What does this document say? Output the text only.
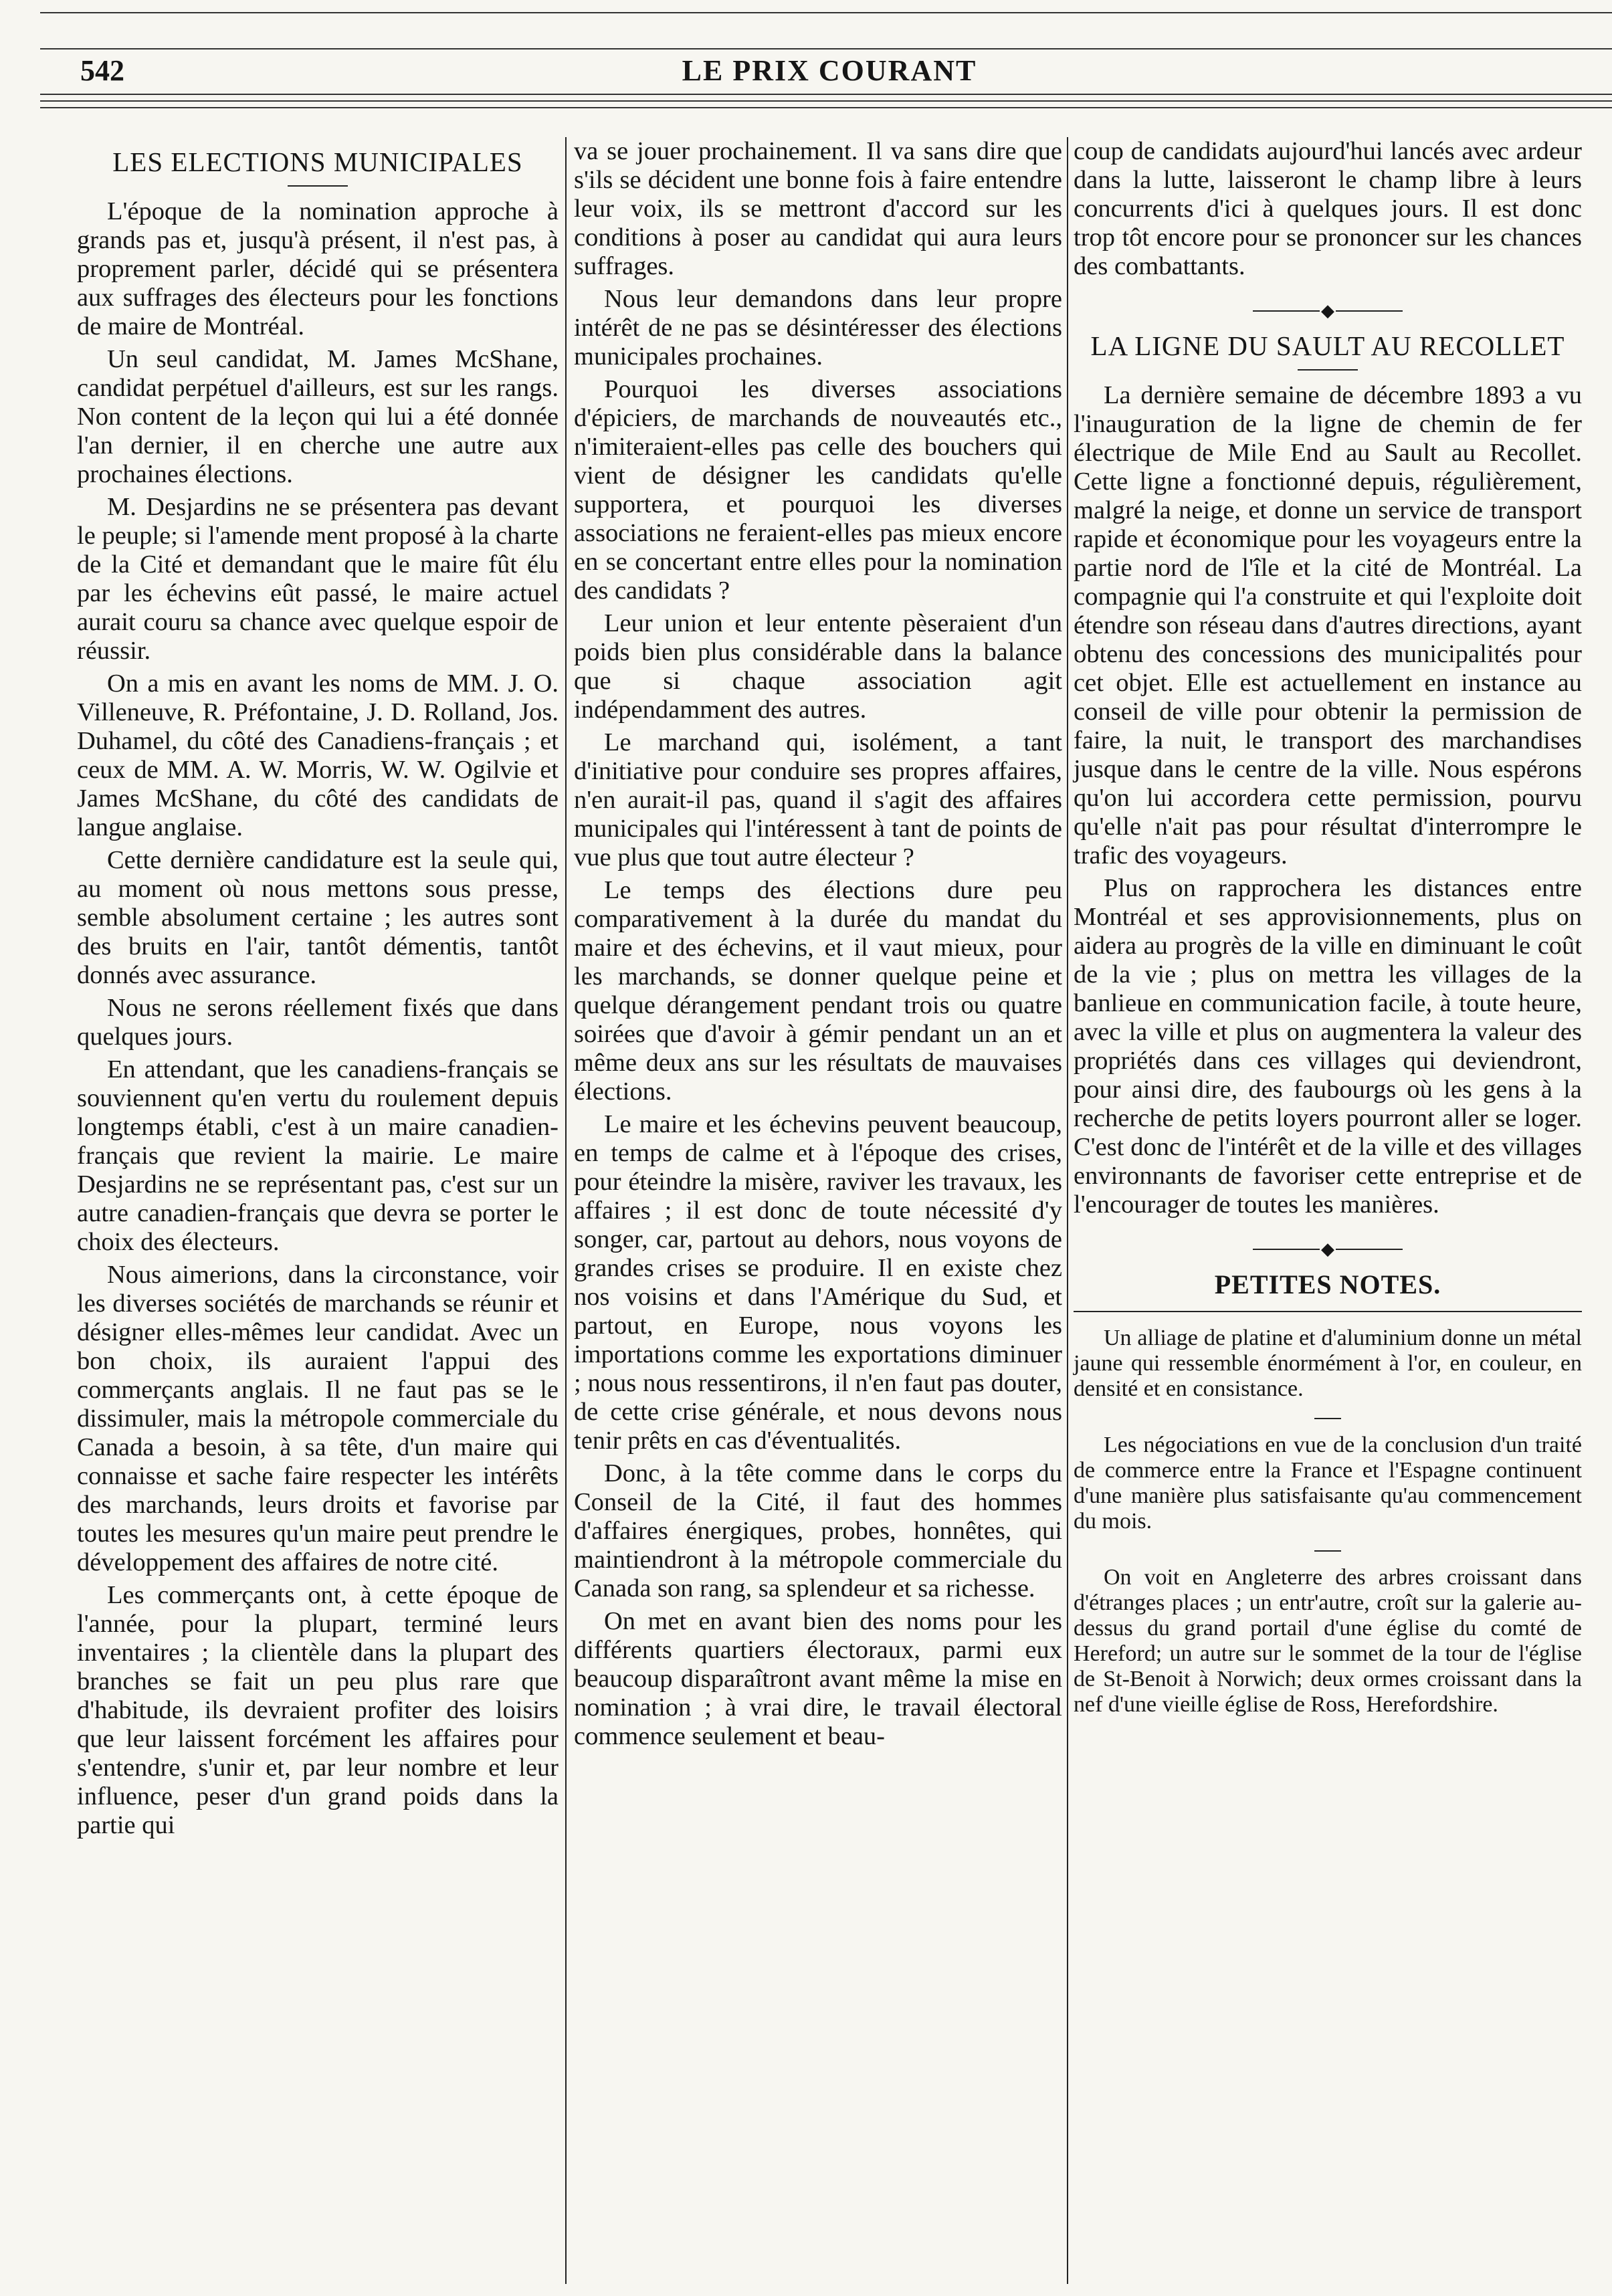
542	LE PRIX COURANT
LES ELECTIONS MUNICIPALES

L'époque de la nomination approche à grands pas et, jusqu'à présent, il n'est pas, à proprement parler, décidé qui se présentera aux suffrages des électeurs pour les fonctions de maire de Montréal.

Un seul candidat, M. James McShane, candidat perpétuel d'ailleurs, est sur les rangs. Non content de la leçon qui lui a été donnée l'an dernier, il en cherche une autre aux prochaines élections.

M. Desjardins ne se présentera pas devant le peuple; si l'amende ment proposé à la charte de la Cité et demandant que le maire fût élu par les échevins eût passé, le maire actuel aurait couru sa chance avec quelque espoir de réussir.

On a mis en avant les noms de MM. J. O. Villeneuve, R. Préfontaine, J. D. Rolland, Jos. Duhamel, du côté des Canadiens-français ; et ceux de MM. A. W. Morris, W. W. Ogilvie et James McShane, du côté des candidats de langue anglaise.

Cette dernière candidature est la seule qui, au moment où nous mettons sous presse, semble absolument certaine ; les autres sont des bruits en l'air, tantôt démentis, tantôt donnés avec assurance.

Nous ne serons réellement fixés que dans quelques jours.

En attendant, que les canadiens-français se souviennent qu'en vertu du roulement depuis longtemps établi, c'est à un maire canadien-français que revient la mairie. Le maire Desjardins ne se représentant pas, c'est sur un autre canadien-français que devra se porter le choix des électeurs.

Nous aimerions, dans la circonstance, voir les diverses sociétés de marchands se réunir et désigner elles-mêmes leur candidat. Avec un bon choix, ils auraient l'appui des commerçants anglais. Il ne faut pas se le dissimuler, mais la métropole commerciale du Canada a besoin, à sa tête, d'un maire qui connaisse et sache faire respecter les intérêts des marchands, leurs droits et favorise par toutes les mesures qu'un maire peut prendre le développement des affaires de notre cité.

Les commerçants ont, à cette époque de l'année, pour la plupart, terminé leurs inventaires ; la clientèle dans la plupart des branches se fait un peu plus rare que d'habitude, ils devraient profiter des loisirs que leur laissent forcément les affaires pour s'entendre, s'unir et, par leur nombre et leur influence, peser d'un grand poids dans la partie qui

va se jouer prochainement. Il va sans dire que s'ils se décident une bonne fois à faire entendre leur voix, ils se mettront d'accord sur les conditions à poser au candidat qui aura leurs suffrages.

Nous leur demandons dans leur propre intérêt de ne pas se désintéresser des élections municipales prochaines.

Pourquoi les diverses associations d'épiciers, de marchands de nouveautés etc., n'imiteraient-elles pas celle des bouchers qui vient de désigner les candidats qu'elle supportera, et pourquoi les diverses associations ne feraient-elles pas mieux encore en se concertant entre elles pour la nomination des candidats ?

Leur union et leur entente pèseraient d'un poids bien plus considérable dans la balance que si chaque association agit indépendamment des autres.

Le marchand qui, isolément, a tant d'initiative pour conduire ses propres affaires, n'en aurait-il pas, quand il s'agit des affaires municipales qui l'intéressent à tant de points de vue plus que tout autre électeur ?

Le temps des élections dure peu comparativement à la durée du mandat du maire et des échevins, et il vaut mieux, pour les marchands, se donner quelque peine et quelque dérangement pendant trois ou quatre soirées que d'avoir à gémir pendant un an et même deux ans sur les résultats de mauvaises élections.

Le maire et les échevins peuvent beaucoup, en temps de calme et à l'époque des crises, pour éteindre la misère, raviver les travaux, les affaires ; il est donc de toute nécessité d'y songer, car, partout au dehors, nous voyons de grandes crises se produire. Il en existe chez nos voisins et dans l'Amérique du Sud, et partout, en Europe, nous voyons les importations comme les exportations diminuer ; nous nous ressentirons, il n'en faut pas douter, de cette crise générale, et nous devons nous tenir prêts en cas d'éventualités.

Donc, à la tête comme dans le corps du Conseil de la Cité, il faut des hommes d'affaires énergiques, probes, honnêtes, qui maintiendront à la métropole commerciale du Canada son rang, sa splendeur et sa richesse.

On met en avant bien des noms pour les différents quartiers électoraux, parmi eux beaucoup disparaîtront avant même la mise en nomination ; à vrai dire, le travail électoral commence seulement et beau-

coup de candidats aujourd'hui lancés avec ardeur dans la lutte, laisseront le champ libre à leurs concurrents d'ici à quelques jours. Il est donc trop tôt encore pour se prononcer sur les chances des combattants.

◆
LA LIGNE DU SAULT AU RECOLLET

La dernière semaine de décembre 1893 a vu l'inauguration de la ligne de chemin de fer électrique de Mile End au Sault au Recollet. Cette ligne a fonctionné depuis, régulièrement, malgré la neige, et donne un service de transport rapide et économique pour les voyageurs entre la partie nord de l'île et la cité de Montréal. La compagnie qui l'a construite et qui l'exploite doit étendre son réseau dans d'autres directions, ayant obtenu des concessions des municipalités pour cet objet. Elle est actuellement en instance au conseil de ville pour obtenir la permission de faire, la nuit, le transport des marchandises jusque dans le centre de la ville. Nous espérons qu'on lui accordera cette permission, pourvu qu'elle n'ait pas pour résultat d'interrompre le trafic des voyageurs.

Plus on rapprochera les distances entre Montréal et ses approvisionnements, plus on aidera au progrès de la ville en diminuant le coût de la vie ; plus on mettra les villages de la banlieue en communication facile, à toute heure, avec la ville et plus on augmentera la valeur des propriétés dans ces villages qui deviendront, pour ainsi dire, des faubourgs où les gens à la recherche de petits loyers pourront aller se loger. C'est donc de l'intérêt et de la ville et des villages environnants de favoriser cette entreprise et de l'encourager de toutes les manières.

◆
PETITES NOTES.
Un alliage de platine et d'aluminium donne un métal jaune qui ressemble énormément à l'or, en couleur, en densité et en consistance.
Les négociations en vue de la conclusion d'un traité de commerce entre la France et l'Espagne continuent d'une manière plus satisfaisante qu'au commencement du mois.
On voit en Angleterre des arbres croissant dans d'étranges places ; un entr'autre, croît sur la galerie au-dessus du grand portail d'une église du comté de Hereford; un autre sur le sommet de la tour de l'église de St-Benoit à Norwich; deux ormes croissant dans la nef d'une vieille église de Ross, Herefordshire.
